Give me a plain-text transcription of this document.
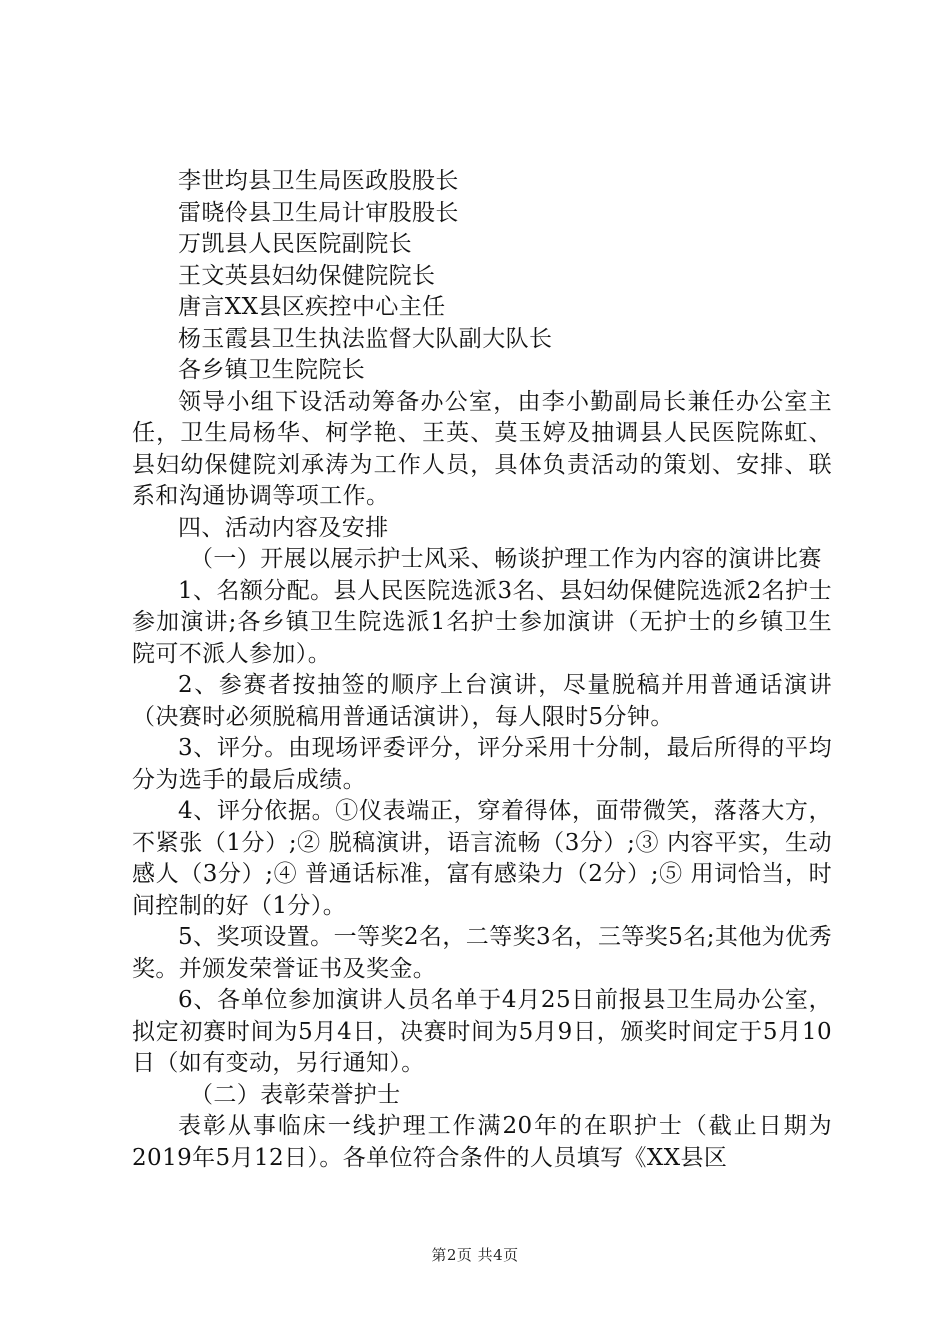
李世均县卫生局医政股股长

雷晓伶县卫生局计审股股长

万凯县人民医院副院长

王文英县妇幼保健院院长

唐言XX县区疾控中心主任

杨玉霞县卫生执法监督大队副大队长

各乡镇卫生院院长

领导小组下设活动筹备办公室，由李小勤副局长兼任办公室主任，卫生局杨华、柯学艳、王英、莫玉婷及抽调县人民医院陈虹、县妇幼保健院刘承涛为工作人员，具体负责活动的策划、安排、联系和沟通协调等项工作。

四、活动内容及安排

（一）开展以展示护士风采、畅谈护理工作为内容的演讲比赛

1、名额分配。县人民医院选派3名、县妇幼保健院选派2名护士参加演讲;各乡镇卫生院选派1名护士参加演讲（无护士的乡镇卫生院可不派人参加）。

2、参赛者按抽签的顺序上台演讲，尽量脱稿并用普通话演讲（决赛时必须脱稿用普通话演讲），每人限时5分钟。

3、评分。由现场评委评分，评分采用十分制，最后所得的平均分为选手的最后成绩。

4、评分依据。①仪表端正，穿着得体，面带微笑，落落大方，不紧张（1分）;② 脱稿演讲，语言流畅（3分）;③ 内容平实，生动感人（3分）;④ 普通话标准，富有感染力（2分）;⑤ 用词恰当，时间控制的好（1分）。

5、奖项设置。一等奖2名，二等奖3名，三等奖5名;其他为优秀奖。并颁发荣誉证书及奖金。

6、各单位参加演讲人员名单于4月25日前报县卫生局办公室，拟定初赛时间为5月4日，决赛时间为5月9日，颁奖时间定于5月10日（如有变动，另行通知）。

（二）表彰荣誉护士

表彰从事临床一线护理工作满20年的在职护士（截止日期为2019年5月12日）。各单位符合条件的人员填写《XX县区

第2页 共4页
